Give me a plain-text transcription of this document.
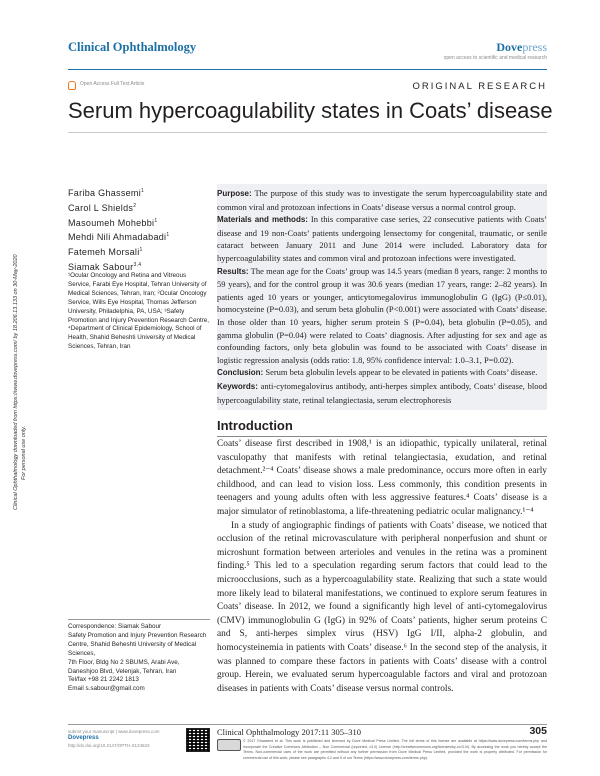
Clinical Ophthalmology	Dovepress
open access to scientific and medical research
Open Access Full Text Article	ORIGINAL RESEARCH
Serum hypercoagulability states in Coats’ disease
Clinical Ophthalmology downloaded from https://www.dovepress.com/ by 18.206.13.133 on 30-May-2020 For personal use only.
Fariba Ghassemi$^1$
Carol L Shields$^2$
Masoumeh Mohebbi$^1$
Mehdi Nili Ahmadabadi$^1$
Fatemeh Morsali$^1$
Siamak Sabour$^{3,4}$
¹Ocular Oncology and Retina and Vitreous Service, Farabi Eye Hospital, Tehran University of Medical Sciences, Tehran, Iran; ²Ocular Oncology Service, Wills Eye Hospital, Thomas Jefferson University, Philadelphia, PA, USA; ³Safety Promotion and Injury Prevention Research Centre, ⁴Department of Clinical Epidemiology, School of Health, Shahid Beheshti University of Medical Sciences, Tehran, Iran

Purpose: The purpose of this study was to investigate the serum hypercoagulability state and common viral and protozoan infections in Coats’ disease versus a normal control group.

Materials and methods: In this comparative case series, 22 consecutive patients with Coats’ disease and 19 non-Coats’ patients undergoing lensectomy for congenital, traumatic, or senile cataract between January 2011 and June 2014 were included. Laboratory data for hypercoagulability states and common viral and protozoan infections were investigated.

Results: The mean age for the Coats’ group was 14.5 years (median 8 years, range: 2 months to 59 years), and for the control group it was 30.6 years (median 17 years, range: 2–82 years). In patients aged 10 years or younger, anticytomegalovirus immunoglobulin G (IgG) (P≤0.01), homocysteine (P=0.03), and serum beta globulin (P<0.001) were associated with Coats’ disease. In those older than 10 years, higher serum protein S (P=0.04), beta globulin (P=0.05), and gamma globulin (P=0.04) were related to Coats’ diagnosis. After adjusting for sex and age as confounding factors, only beta globulin was found to be associated with Coats’ disease in logistic regression analysis (odds ratio: 1.8, 95% confidence interval: 1.0–3.1, P=0.02).

Conclusion: Serum beta globulin levels appear to be elevated in patients with Coats’ disease.

Keywords: anti-cytomegalovirus antibody, anti-herpes simplex antibody, Coats’ disease, blood hypercoagulability state, retinal telangiectasia, serum electrophoresis

Introduction

Coats’ disease first described in 1908,¹ is an idiopathic, typically unilateral, retinal vasculopathy that manifests with retinal telangiectasia, exudation, and retinal detachment.²⁻⁴ Coats’ disease shows a male predominance, occurs more often in early childhood, and can lead to vision loss. Less commonly, this condition presents in teenagers and young adults often with less aggressive features.⁴ Coats’ disease is a major simulator of retinoblastoma, a life-threatening pediatric ocular malignancy.¹⁻⁴

In a study of angiographic findings of patients with Coats’ disease, we noticed that occlusion of the retinal microvasculature with peripheral nonperfusion and shunt or microshunt formation between arterioles and venules in the retina was a prominent finding.⁵ This led to a speculation regarding serum factors that could lead to the microocclusions, such as a hypercoagulability state. Realizing that such a state would more likely lead to bilateral manifestations, we continued to explore serum features in Coats’ disease. In 2012, we found a significantly high level of anti-cytomegalovirus (CMV) immunoglobulin G (IgG) in 92% of Coats’ patients, higher serum proteins C and S, anti-herpes simplex virus (HSV) IgG I/II, alpha-2 globulin, and homocysteinemia in patients with Coats’ disease.⁶ In the second step of the analysis, it was planned to compare these factors in patients with Coats’ disease with a control group. Herein, we evaluated serum hypercoagulable factors and viral and protozoan diseases in patients with Coats’ disease versus normal controls.

Correspondence: Siamak Sabour
Safety Promotion and Injury Prevention Research Centre, Shahid Beheshti University of Medical Sciences,
7th Floor, Bldg No 2 SBUMS, Arabi Ave, Daneshjoo Blvd, Velenjak, Tehran, Iran
Tel/fax +98 21 2242 1813
Email s.sabour@gmail.com
submit your manuscript | www.dovepress.com
Dovepress
http://dx.doi.org/10.2147/OPTH.S124623
Clinical Ophthalmology 2017:11 305–310	305
© 2017 Ghassemi et al. This work is published and licensed by Dove Medical Press Limited. The full terms of this license are available at https://www.dovepress.com/terms.php and incorporate the Creative Commons Attribution – Non Commercial (unported, v3.0) License (http://creativecommons.org/licenses/by-nc/3.0/). By accessing the work you hereby accept the Terms. Non-commercial uses of the work are permitted without any further permission from Dove Medical Press Limited, provided the work is properly attributed. For permission for commercial use of this work, please see paragraphs 4.2 and 5 of our Terms (https://www.dovepress.com/terms.php).
